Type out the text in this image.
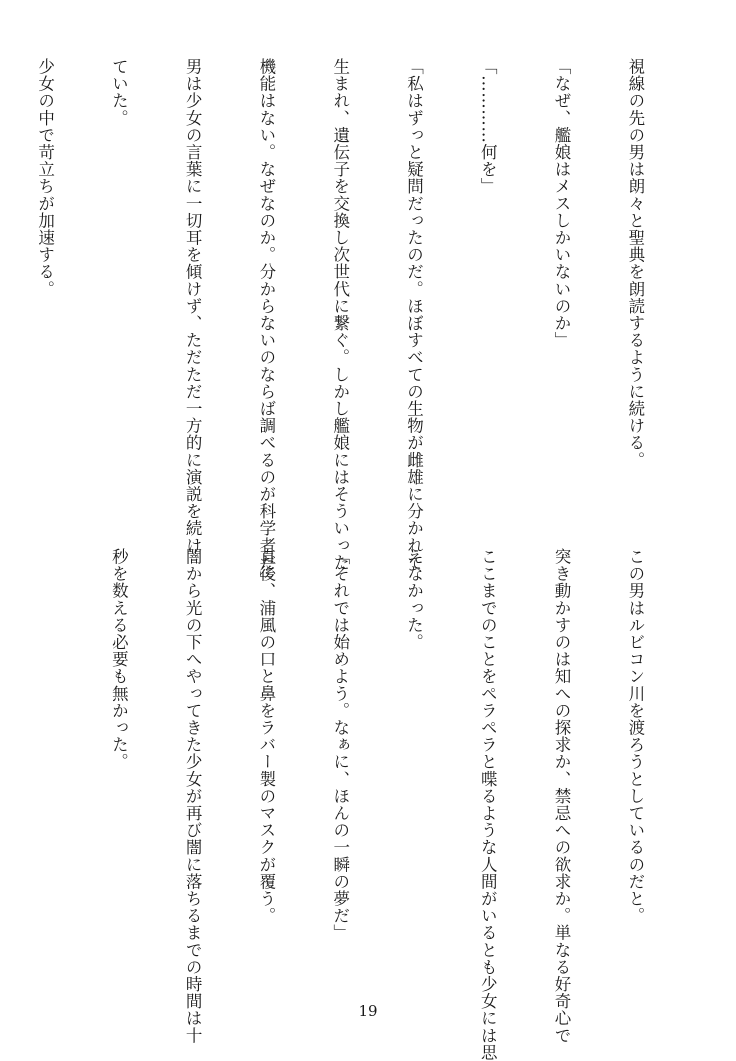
視線の先の男は朗々と聖典を朗読するように続ける。

「なぜ、艦娘はメスしかいないのか」

「…………何を」

「私はずっと疑問だったのだ。ほぼすべての生物が雌雄に分かれて

生まれ、遺伝子を交換し次世代に繋ぐ。しかし艦娘にはそういった

機能はない。なぜなのか。分からないのならば調べるのが科学者だ」

男は少女の言葉に一切耳を傾けず、ただただ一方的に演説を続け

ていた。

少女の中で苛立ちが加速する。

この男はルビコン川を渡ろうとしているのだと。

突き動かすのは知への探求か、禁忌への欲求か。単なる好奇心で

ここまでのことをペラペラと喋るような人間がいるとも少女には思

えなかった。

「それでは始めよう。なぁに、ほんの一瞬の夢だ」

直後、浦風の口と鼻をラバー製のマスクが覆う。

闇から光の下へやってきた少女が再び闇に落ちるまでの時間は十

秒を数える必要も無かった。

19
